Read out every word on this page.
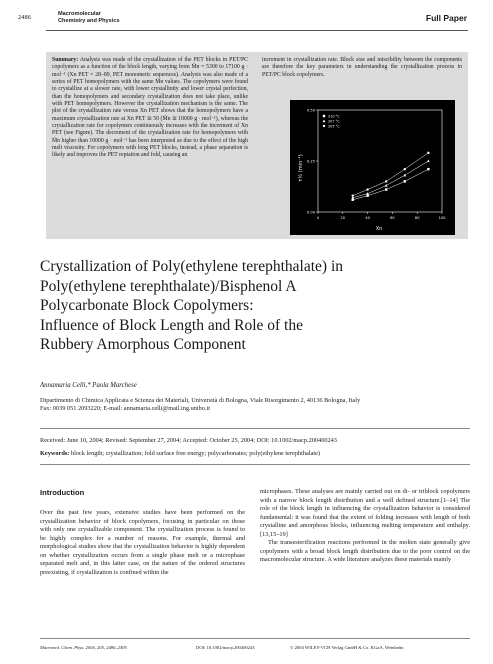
2486	Macromolecular
Chemistry and Physics	Full Paper
Summary: Analysis was made of the crystallization of the PET blocks in PET/PC copolymers as a function of the block length, varying from M̄n = 5300 to 17100 g · mol⁻¹ (Xn PET = 28–89, PET monomeric sequences). Analysis was also made of a series of PET homopolymers with the same M̄n values. The copolymers were found to crystallize at a slower rate, with lower crystallinity and lower crystal perfection, than the homopolymers and secondary crystallization does not take place, unlike with PET homopolymers. However the crystallization mechanism is the same. The plot of the crystallization rate versus Xn PET shows that the homopolymers have a maximum crystallization rate at Xn PET ≅ 50 (M̄n ≅ 10000 g · mol⁻¹), whereas the crystallization rate for copolymers continuously increases with the increment of Xn PET (see Figure). The decrement of the crystallization rate for homopolymers with M̄n higher than 10000 g · mol⁻¹ has been interpreted as due to the effect of the high melt viscosity. For copolymers with long PET blocks, instead, a phase separation is likely and improves the PET reptation and fold, causing an
increment in crystallization rate. Block size and miscibility between the components are therefore the key parameters in understanding the crystallization process in PET/PC block copolymers.
τ½ (min⁻¹)
Xn
0	20	40	60	80	100
0.00
0.25
0.50
210 °C
207 °C
205 °C
Crystallization of Poly(ethylene terephthalate) in
Poly(ethylene terephthalate)/Bisphenol A
Polycarbonate Block Copolymers:
Influence of Block Length and Role of the
Rubbery Amorphous Component
Annamaria Celli,* Paola Marchese
Dipartimento di Chimica Applicata e Scienza dei Materiali, Università di Bologna, Viale Risorgimento 2, 40136 Bologna, Italy
Fax: 0039 051 2093220; E-mail: annamaria.celli@mail.ing.unibo.it
Received: June 10, 2004; Revised: September 27, 2004; Accepted: October 25, 2004; DOI: 10.1002/macp.200400243
Keywords: block length; crystallization; fold surface free energy; polycarbonates; poly(ethylene terephthalate)
Introduction
Over the past few years, extensive studies have been performed on the crystallization behavior of block copolymers, focusing in particular on those with only one crystallizable component. The crystallization process is found to be highly complex for a number of reasons. For example, thermal and morphological studies show that the crystallization behavior is highly dependent on whether crystallization occurs from a single phase melt or a microphase separated melt and, in this latter case, on the nature of the ordered structures preexisting, if crystallization is confined within the

microphases. These analyses are mainly carried out on di- or triblock copolymers with a narrow block length distribution and a well defined structure.[1–14] The role of the block length in influencing the crystallization behavior is considered fundamental: it was found that the extent of folding increases with length of both crystalline and amorphous blocks, influencing melting temperature and enthalpy.[13,15–19]

The transesterification reactions performed in the molten state generally give copolymers with a broad block length distribution due to the poor control on the macromolecular structure. A wide literature analyzes these materials mainly

Macromol. Chem. Phys. 2004, 205, 2486–2495	DOI: 10.1002/macp.200400243	© 2004 WILEY-VCH Verlag GmbH & Co. KGaA, Weinheim
